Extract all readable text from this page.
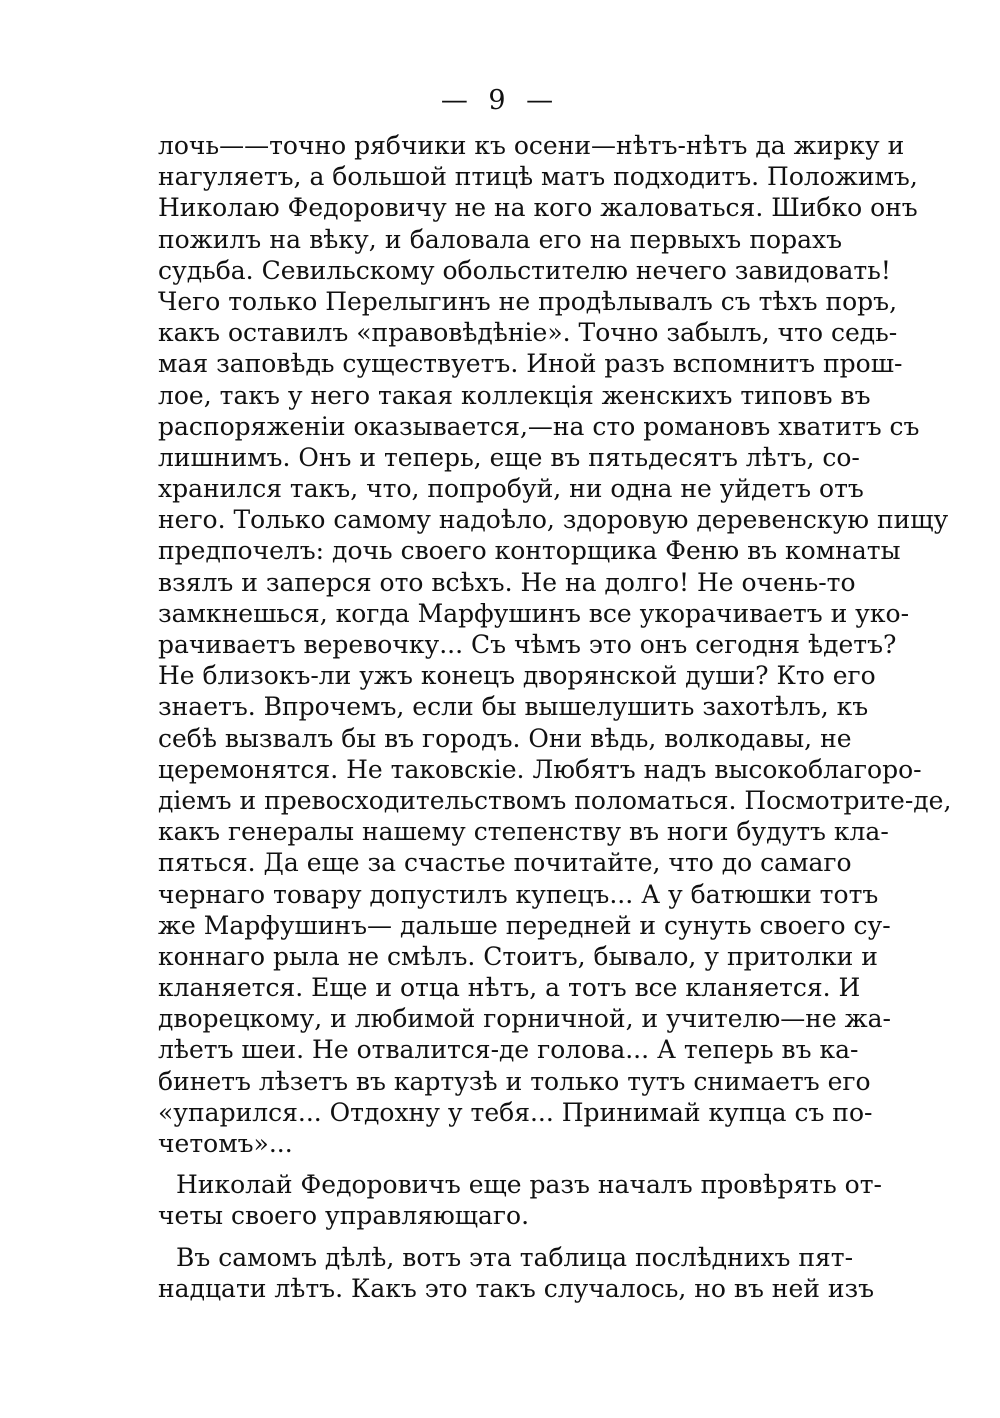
— 9 —
лочь——точно рябчики къ осени—нѣтъ-нѣтъ да жирку и
нагуляетъ, а большой птицѣ матъ подходитъ. Положимъ,
Николаю Федоровичу не на кого жаловаться. Шибко онъ
пожилъ на вѣку, и баловала его на первыхъ порахъ
судьба. Севильскому обольстителю нечего завидовать!
Чего только Перелыгинъ не продѣлывалъ съ тѣхъ поръ,
какъ оставилъ «правовѣдѣніе». Точно забылъ, что седь-
мая заповѣдь существуетъ. Иной разъ вспомнитъ прош-
лое, такъ у него такая коллекція женскихъ типовъ въ
распоряженіи оказывается,—на сто романовъ хватитъ съ
лишнимъ. Онъ и теперь, еще въ пятьдесятъ лѣтъ, со-
хранился такъ, что, попробуй, ни одна не уйдетъ отъ
него. Только самому надоѣло, здоровую деревенскую пищу
предпочелъ: дочь своего конторщика Феню въ комнаты
взялъ и заперся ото всѣхъ. Не на долго! Не очень-то
замкнешься, когда Марфушинъ все укорачиваетъ и уко-
рачиваетъ веревочку... Съ чѣмъ это онъ сегодня ѣдетъ?
Не близокъ-ли ужъ конецъ дворянской души? Кто его
знаетъ. Впрочемъ, если бы вышелушить захотѣлъ, къ
себѣ вызвалъ бы въ городъ. Они вѣдь, волкодавы, не
церемонятся. Не таковскіе. Любятъ надъ высокоблагоро-
діемъ и превосходительствомъ поломаться. Посмотрите-де,
какъ генералы нашему степенству въ ноги будутъ кла-
пяться. Да еще за счастье почитайте, что до самаго
чернаго товару допустилъ купецъ... А у батюшки тотъ
же Марфушинъ— дальше передней и сунуть своего су-
коннаго рыла не смѣлъ. Стоитъ, бывало, у притолки и
кланяется. Еще и отца нѣтъ, а тотъ все кланяется. И
дворецкому, и любимой горничной, и учителю—не жа-
лѣетъ шеи. Не отвалится-де голова... А теперь въ ка-
бинетъ лѣзетъ въ картузѣ и только тутъ снимаетъ его
«упарился... Отдохну у тебя... Принимай купца съ по-
четомъ»...
Николай Федоровичъ еще разъ началъ провѣрять от-
четы своего управляющаго.
Въ самомъ дѣлѣ, вотъ эта таблица послѣднихъ пят-
надцати лѣтъ. Какъ это такъ случалось, но въ ней изъ
